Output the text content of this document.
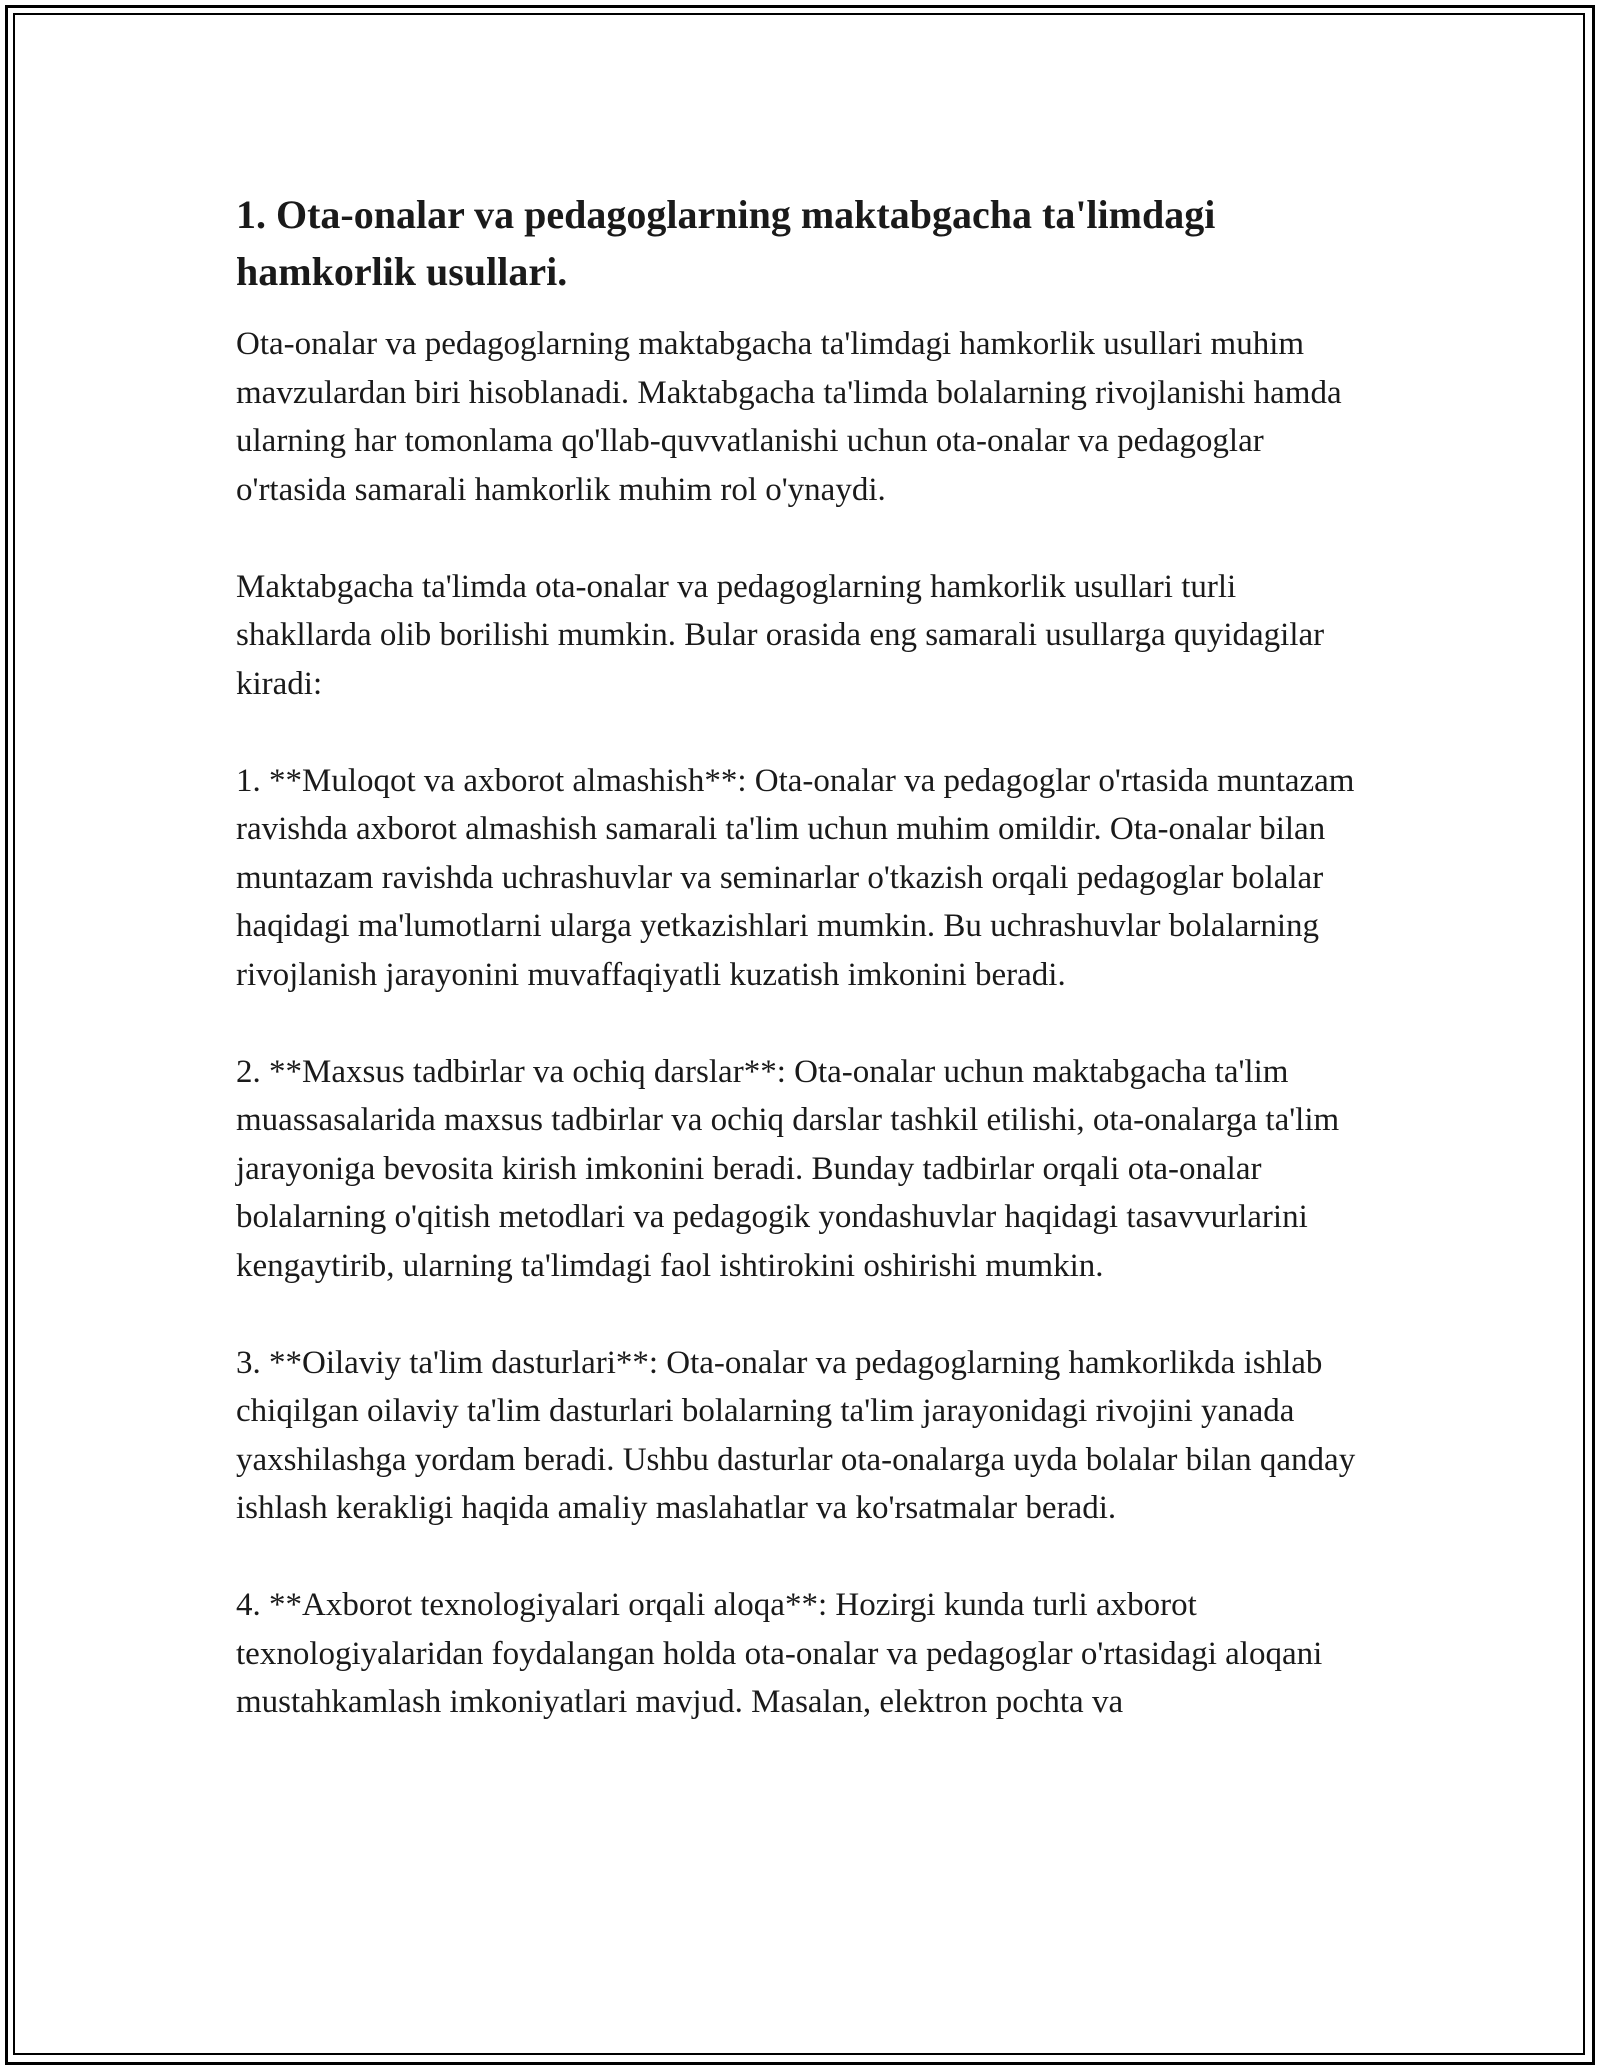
1. Ota-onalar va pedagoglarning maktabgacha ta'limdagi hamkorlik usullari.

Ota-onalar va pedagoglarning maktabgacha ta'limdagi hamkorlik usullari muhim mavzulardan biri hisoblanadi. Maktabgacha ta'limda bolalarning rivojlanishi hamda ularning har tomonlama qo'llab-quvvatlanishi uchun ota-onalar va pedagoglar o'rtasida samarali hamkorlik muhim rol o'ynaydi.

Maktabgacha ta'limda ota-onalar va pedagoglarning hamkorlik usullari turli shakllarda olib borilishi mumkin. Bular orasida eng samarali usullarga quyidagilar kiradi:

1. **Muloqot va axborot almashish**: Ota-onalar va pedagoglar o'rtasida muntazam ravishda axborot almashish samarali ta'lim uchun muhim omildir. Ota-onalar bilan muntazam ravishda uchrashuvlar va seminarlar o'tkazish orqali pedagoglar bolalar haqidagi ma'lumotlarni ularga yetkazishlari mumkin. Bu uchrashuvlar bolalarning rivojlanish jarayonini muvaffaqiyatli kuzatish imkonini beradi.

2. **Maxsus tadbirlar va ochiq darslar**: Ota-onalar uchun maktabgacha ta'lim muassasalarida maxsus tadbirlar va ochiq darslar tashkil etilishi, ota-onalarga ta'lim jarayoniga bevosita kirish imkonini beradi. Bunday tadbirlar orqali ota-onalar bolalarning o'qitish metodlari va pedagogik yondashuvlar haqidagi tasavvurlarini kengaytirib, ularning ta'limdagi faol ishtirokini oshirishi mumkin.

3. **Oilaviy ta'lim dasturlari**: Ota-onalar va pedagoglarning hamkorlikda ishlab chiqilgan oilaviy ta'lim dasturlari bolalarning ta'lim jarayonidagi rivojini yanada yaxshilashga yordam beradi. Ushbu dasturlar ota-onalarga uyda bolalar bilan qanday ishlash kerakligi haqida amaliy maslahatlar va ko'rsatmalar beradi.

4. **Axborot texnologiyalari orqali aloqa**: Hozirgi kunda turli axborot texnologiyalaridan foydalangan holda ota-onalar va pedagoglar o'rtasidagi aloqani mustahkamlash imkoniyatlari mavjud. Masalan, elektron pochta va
